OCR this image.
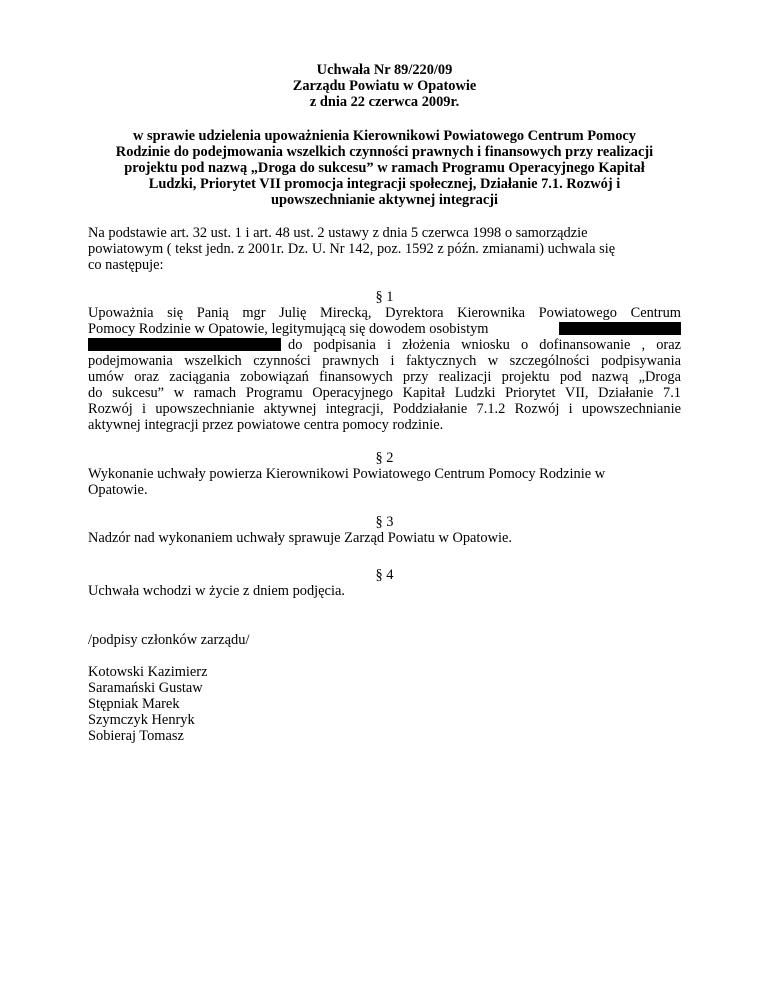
Uchwała Nr 89/220/09
Zarządu Powiatu w Opatowie
z dnia 22 czerwca 2009r.
w sprawie udzielenia upoważnienia Kierownikowi Powiatowego Centrum Pomocy
Rodzinie do podejmowania wszelkich czynności prawnych i finansowych przy realizacji
projektu pod nazwą „Droga do sukcesu” w ramach Programu Operacyjnego Kapitał
Ludzki, Priorytet VII promocja integracji społecznej, Działanie 7.1. Rozwój i
upowszechnianie aktywnej integracji
Na podstawie art. 32 ust. 1 i art. 48 ust. 2 ustawy z dnia 5 czerwca 1998 o samorządzie
powiatowym ( tekst jedn. z 2001r. Dz. U. Nr 142, poz. 1592 z późn. zmianami) uchwala się
co następuje:
§ 1
Upoważnia się Panią mgr Julię Mirecką, Dyrektora Kierownika Powiatowego Centrum
Pomocy Rodzinie w Opatowie, legitymującą się dowodem osobistym
do podpisania i złożenia wniosku o dofinansowanie , oraz
podejmowania wszelkich czynności prawnych i faktycznych w szczególności podpisywania
umów oraz zaciągania zobowiązań finansowych przy realizacji projektu pod nazwą „Droga
do sukcesu” w ramach Programu Operacyjnego Kapitał Ludzki Priorytet VII, Działanie 7.1
Rozwój i upowszechnianie aktywnej integracji, Poddziałanie 7.1.2 Rozwój i upowszechnianie
aktywnej integracji przez powiatowe centra pomocy rodzinie.
§ 2
Wykonanie uchwały powierza Kierownikowi Powiatowego Centrum Pomocy Rodzinie w
Opatowie.
§ 3
Nadzór nad wykonaniem uchwały sprawuje Zarząd Powiatu w Opatowie.
§ 4
Uchwała wchodzi w życie z dniem podjęcia.
/podpisy członków zarządu/
Kotowski Kazimierz
Saramański Gustaw
Stępniak Marek
Szymczyk Henryk
Sobieraj Tomasz
